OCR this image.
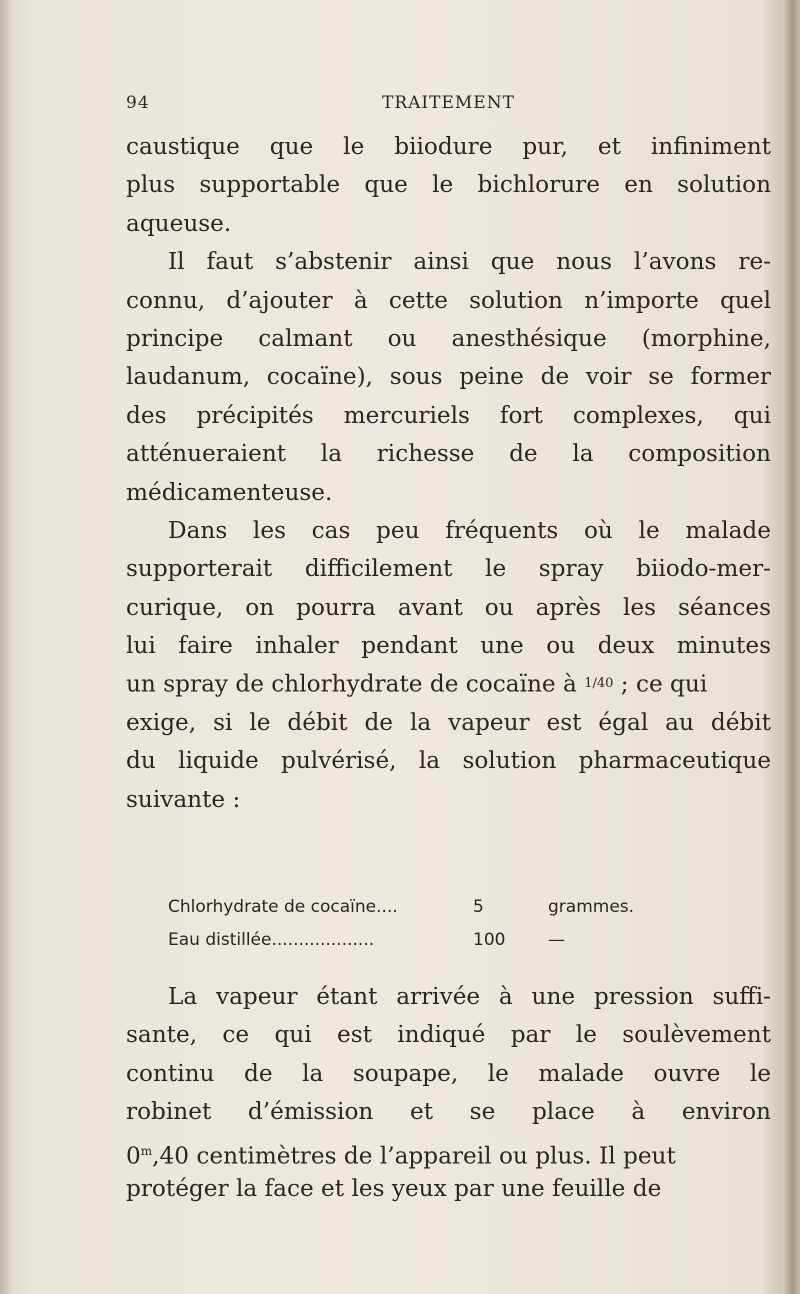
94	TRAITEMENT
caustique que le biiodure pur, et infiniment
plus supportable que le bichlorure en solution
aqueuse.
Il faut s’abstenir ainsi que nous l’avons re-
connu, d’ajouter à cette solution n’importe quel
principe calmant ou anesthésique (morphine,
laudanum, cocaïne), sous peine de voir se former
des précipités mercuriels fort complexes, qui
atténueraient la richesse de la composition
médicamenteuse.
Dans les cas peu fréquents où le malade
supporterait difficilement le spray biiodo-mer-
curique, on pourra avant ou après les séances
lui faire inhaler pendant une ou deux minutes
un spray de chlorhydrate de cocaïne à 1/40 ; ce qui
exige, si le débit de la vapeur est égal au débit
du liquide pulvérisé, la solution pharmaceutique
suivante :
Chlorhydrate de cocaïne....	5	grammes.
Eau distillée...................	100	—
La vapeur étant arrivée à une pression suffi-
sante, ce qui est indiqué par le soulèvement
continu de la soupape, le malade ouvre le
robinet d’émission et se place à environ
0$^m$,40 centimètres de l’appareil ou plus. Il peut
protéger la face et les yeux par une feuille de
